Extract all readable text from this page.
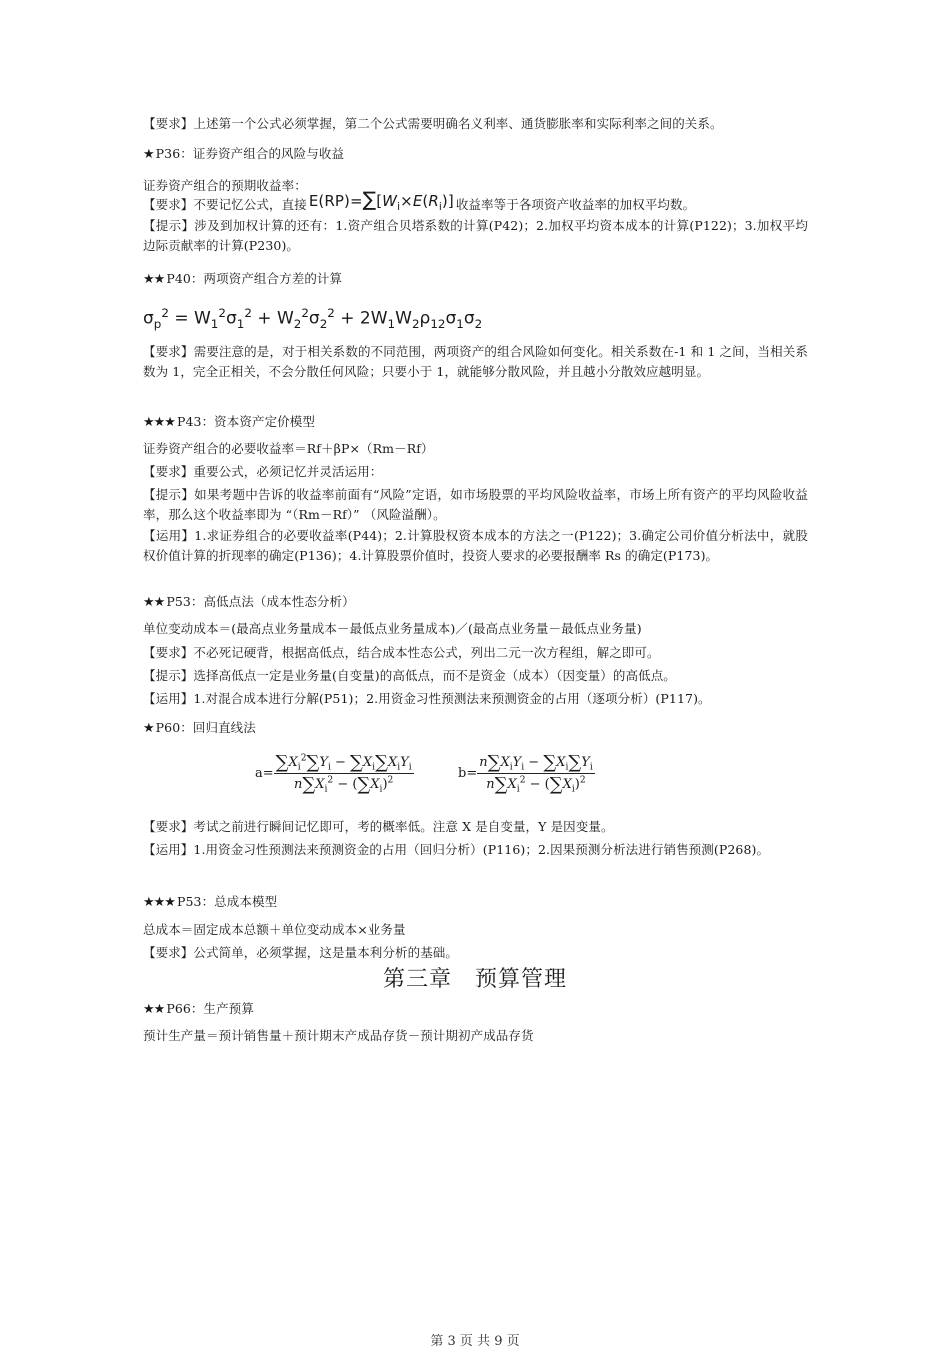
【要求】上述第一个公式必须掌握，第二个公式需要明确名义利率、通货膨胀率和实际利率之间的关系。
★ P36：证券资产组合的风险与收益
证券资产组合的预期收益率：
【要求】不要记忆公式，直接 $E(RP)=\sum[W_i\times E(R_i)]$ 收益率等于各项资产收益率的加权平均数。
【提示】涉及到加权计算的还有：1.资产组合贝塔系数的计算(P42)；2.加权平均资本成本的计算(P122)；3.加权平均边际贡献率的计算(P230)。
★★ P40：两项资产组合方差的计算
$\sigma_p^2 = W_1^2\sigma_1^2 + W_2^2\sigma_2^2 + 2W_1W_2\rho_{12}\sigma_1\sigma_2$
【要求】需要注意的是，对于相关系数的不同范围，两项资产的组合风险如何变化。相关系数在-1 和 1 之间，当相关系数为 1，完全正相关，不会分散任何风险；只要小于 1，就能够分散风险，并且越小分散效应越明显。
★★★ P43：资本资产定价模型
证券资产组合的必要收益率＝Rf＋βP×（Rm－Rf）
【要求】重要公式，必须记忆并灵活运用：
【提示】如果考题中告诉的收益率前面有“风险”定语，如市场股票的平均风险收益率，市场上所有资产的平均风险收益率，那么这个收益率即为 “（Rm－Rf）” （风险溢酬）。
【运用】1.求证券组合的必要收益率(P44)；2.计算股权资本成本的方法之一(P122)；3.确定公司价值分析法中，就股权价值计算的折现率的确定(P136)；4.计算股票价值时，投资人要求的必要报酬率 Rs 的确定(P173)。
★★ P53：高低点法（成本性态分析）
单位变动成本＝(最高点业务量成本－最低点业务量成本)／(最高点业务量－最低点业务量)
【要求】不必死记硬背，根据高低点，结合成本性态公式，列出二元一次方程组，解之即可。
【提示】选择高低点一定是业务量(自变量)的高低点，而不是资金（成本）（因变量）的高低点。
【运用】1.对混合成本进行分解(P51)；2.用资金习性预测法来预测资金的占用（逐项分析）(P117)。
★ P60：回归直线法
$a= \frac{\sum X_i^2\sum Y_i - \sum X_i\sum X_iY_i}{n\sum X_i^2 - (\sum X_i)^2}$	$b= \frac{n\sum X_iY_i - \sum X_i\sum Y_i}{n\sum X_i^2 - (\sum X_i)^2}$
【要求】考试之前进行瞬间记忆即可，考的概率低。注意 X 是自变量，Y 是因变量。
【运用】1.用资金习性预测法来预测资金的占用（回归分析）(P116)；2.因果预测分析法进行销售预测(P268)。
★★★ P53：总成本模型
总成本＝固定成本总额＋单位变动成本×业务量
【要求】公式简单，必须掌握，这是量本利分析的基础。
第三章　预算管理
★★ P66：生产预算
预计生产量＝预计销售量＋预计期末产成品存货－预计期初产成品存货
第 3 页 共 9 页
